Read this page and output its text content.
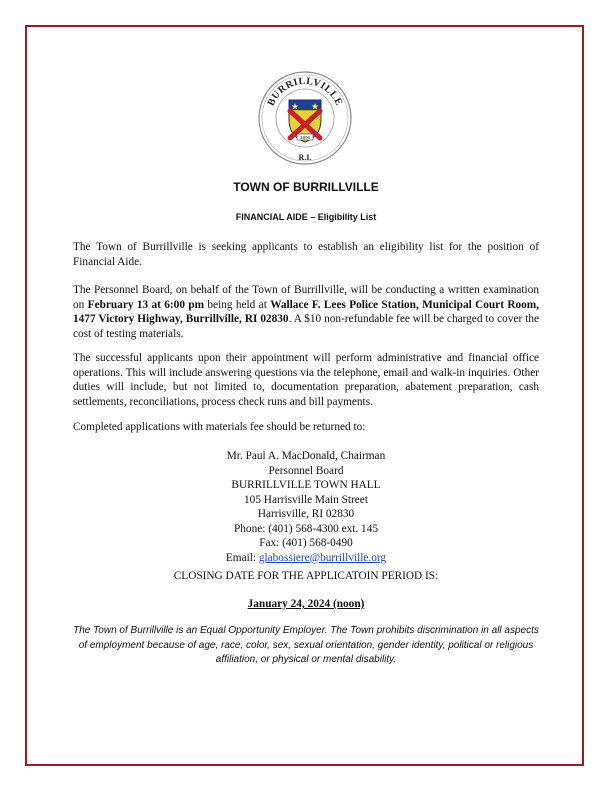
BURRILLVILLE
R.I.
1806
TOWN OF BURRILLVILLE
FINANCIAL AIDE – Eligibility List

The Town of Burrillville is seeking applicants to establish an eligibility list for the position of Financial Aide.

The Personnel Board, on behalf of the Town of Burrillville, will be conducting a written examination on February 13 at 6:00 pm being held at Wallace F. Lees Police Station, Municipal Court Room, 1477 Victory Highway, Burrillville, RI 02830. A $10 non-refundable fee will be charged to cover the cost of testing materials.

The successful applicants upon their appointment will perform administrative and financial office operations. This will include answering questions via the telephone, email and walk-in inquiries. Other duties will include, but not limited to, documentation preparation, abatement preparation, cash settlements, reconciliations, process check runs and bill payments.

Completed applications with materials fee should be returned to:

Mr. Paul A. MacDonald, Chairman
Personnel Board
BURRILLVILLE TOWN HALL
105 Harrisville Main Street
Harrisville, RI 02830
Phone: (401) 568-4300 ext. 145
Fax: (401) 568-0490
Email: glabossiere@burrillville.org
CLOSING DATE FOR THE APPLICATOIN PERIOD IS:
January 24, 2024 (noon)

The Town of Burrillville is an Equal Opportunity Employer. The Town prohibits discrimination in all aspects of employment because of age, race, color, sex, sexual orientation, gender identity, political or religious affiliation, or physical or mental disability.
